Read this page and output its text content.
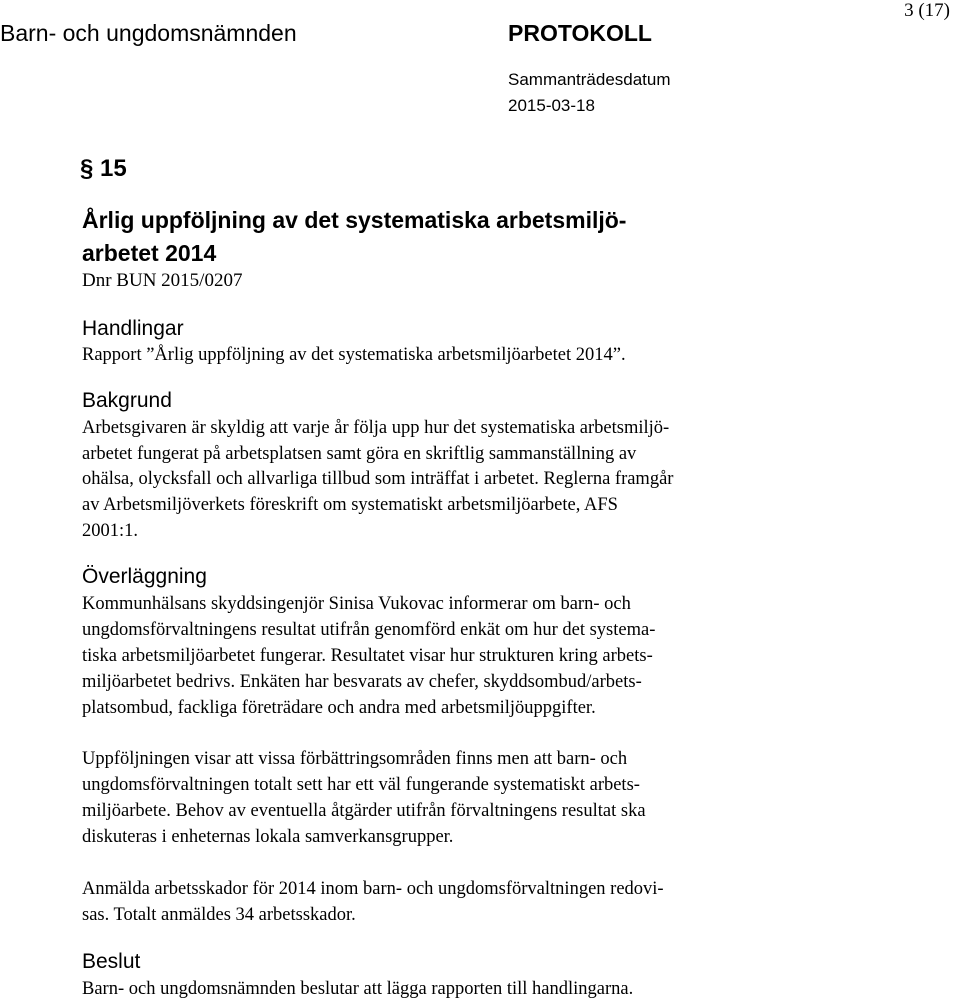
Barn- och ungdomsnämnden	PROTOKOLL
3 (17)
Sammanträdesdatum
2015-03-18
§ 15
Årlig uppföljning av det systematiska arbetsmiljö-
arbetet 2014
Dnr BUN 2015/0207
Handlingar
Rapport ”Årlig uppföljning av det systematiska arbetsmiljöarbetet 2014”.
Bakgrund
Arbetsgivaren är skyldig att varje år följa upp hur det systematiska arbetsmiljö-
arbetet fungerat på arbetsplatsen samt göra en skriftlig sammanställning av
ohälsa, olycksfall och allvarliga tillbud som inträffat i arbetet. Reglerna framgår
av Arbetsmiljöverkets föreskrift om systematiskt arbetsmiljöarbete, AFS
2001:1.
Överläggning
Kommunhälsans skyddsingenjör Sinisa Vukovac informerar om barn- och
ungdomsförvaltningens resultat utifrån genomförd enkät om hur det systema-
tiska arbetsmiljöarbetet fungerar. Resultatet visar hur strukturen kring arbets-
miljöarbetet bedrivs. Enkäten har besvarats av chefer, skyddsombud/arbets-
platsombud, fackliga företrädare och andra med arbetsmiljöuppgifter.
Uppföljningen visar att vissa förbättringsområden finns men att barn- och
ungdomsförvaltningen totalt sett har ett väl fungerande systematiskt arbets-
miljöarbete. Behov av eventuella åtgärder utifrån förvaltningens resultat ska
diskuteras i enheternas lokala samverkansgrupper.
Anmälda arbetsskador för 2014 inom barn- och ungdomsförvaltningen redovi-
sas. Totalt anmäldes 34 arbetsskador.
Beslut
Barn- och ungdomsnämnden beslutar att lägga rapporten till handlingarna.
